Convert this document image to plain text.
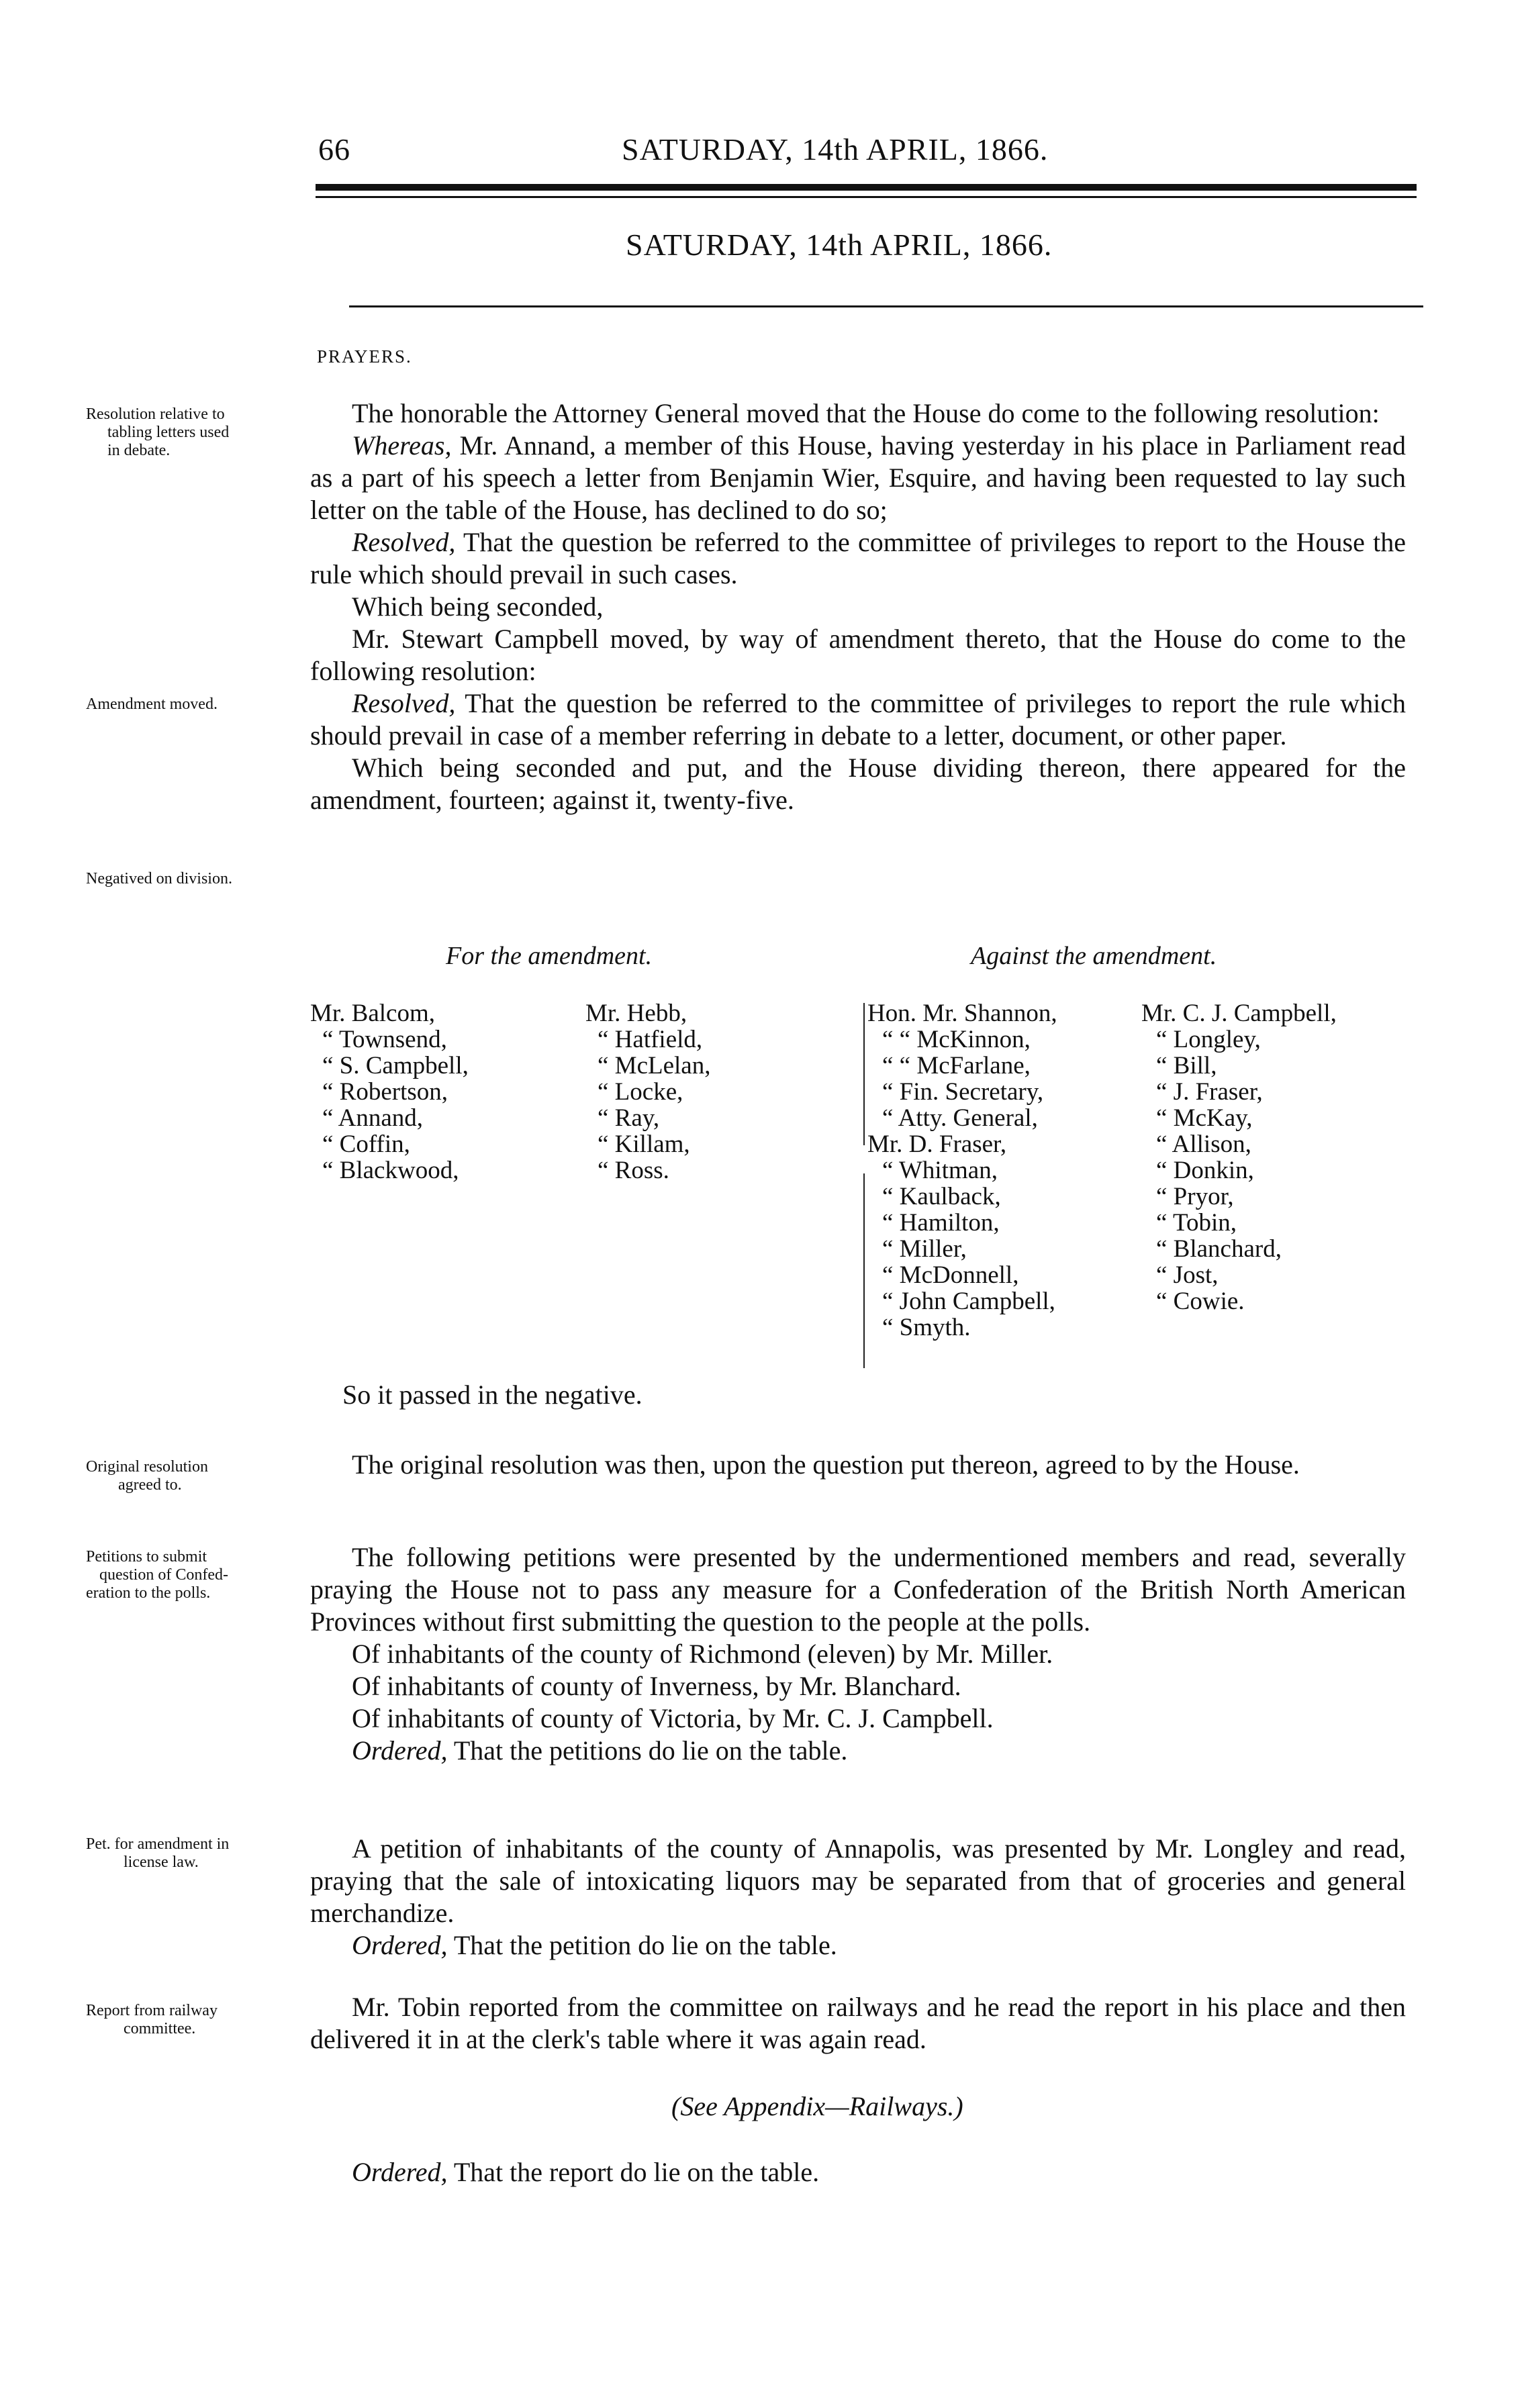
66	SATURDAY, 14th APRIL, 1866.
SATURDAY, 14th APRIL, 1866.
PRAYERS.
Resolution relative to
tabling letters used
in debate.
Amendment moved.
Negatived on division.
Original resolution
agreed to.
Petitions to submit
question of Confed-
eration to the polls.
Pet. for amendment in
license law.
Report from railway
committee.

The honorable the Attorney General moved that the House do come to the following resolution:

Whereas, Mr. Annand, a member of this House, having yesterday in his place in Parliament read as a part of his speech a letter from Benjamin Wier, Esquire, and having been requested to lay such letter on the table of the House, has declined to do so;

Resolved, That the question be referred to the committee of privileges to report to the House the rule which should prevail in such cases.

Which being seconded,

Mr. Stewart Campbell moved, by way of amendment thereto, that the House do come to the following resolution:

Resolved, That the question be referred to the committee of privileges to report the rule which should prevail in case of a member referring in debate to a letter, document, or other paper.

Which being seconded and put, and the House dividing thereon, there appeared for the amendment, fourteen; against it, twenty-five.

For the amendment.	Against the amendment.
Mr. Balcom,
“ Townsend,
“ S. Campbell,
“ Robertson,
“ Annand,
“ Coffin,
“ Blackwood,
Mr. Hebb,
“ Hatfield,
“ McLelan,
“ Locke,
“ Ray,
“ Killam,
“ Ross.
Hon. Mr. Shannon,
“ “ McKinnon,
“ “ McFarlane,
“ Fin. Secretary,
“ Atty. General,
Mr. D. Fraser,
“ Whitman,
“ Kaulback,
“ Hamilton,
“ Miller,
“ McDonnell,
“ John Campbell,
“ Smyth.
Mr. C. J. Campbell,
“ Longley,
“ Bill,
“ J. Fraser,
“ McKay,
“ Allison,
“ Donkin,
“ Pryor,
“ Tobin,
“ Blanchard,
“ Jost,
“ Cowie.

So it passed in the negative.

The original resolution was then, upon the question put thereon, agreed to by the House.

The following petitions were presented by the undermentioned members and read, severally praying the House not to pass any measure for a Confederation of the British North American Provinces without first submitting the question to the people at the polls.

Of inhabitants of the county of Richmond (eleven) by Mr. Miller.

Of inhabitants of county of Inverness, by Mr. Blanchard.

Of inhabitants of county of Victoria, by Mr. C. J. Campbell.

Ordered, That the petitions do lie on the table.

A petition of inhabitants of the county of Annapolis, was presented by Mr. Longley and read, praying that the sale of intoxicating liquors may be separated from that of groceries and general merchandize.

Ordered, That the petition do lie on the table.

Mr. Tobin reported from the committee on railways and he read the report in his place and then delivered it in at the clerk's table where it was again read.

(See Appendix—Railways.)

Ordered, That the report do lie on the table.
